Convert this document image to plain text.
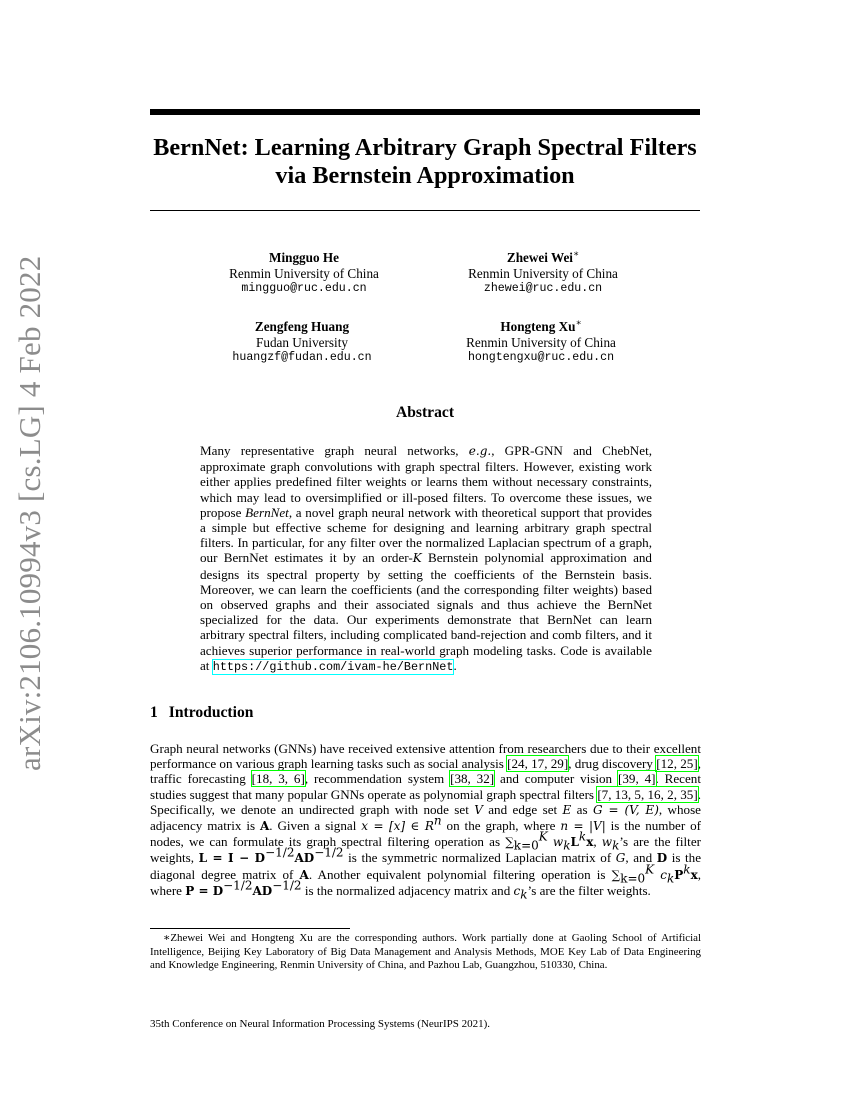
arXiv:2106.10994v3 [cs.LG] 4 Feb 2022
BernNet: Learning Arbitrary Graph Spectral Filters
via Bernstein Approximation
Mingguo He
Renmin University of China
mingguo@ruc.edu.cn
Zhewei Wei∗
Renmin University of China
zhewei@ruc.edu.cn
Zengfeng Huang
Fudan University
huangzf@fudan.edu.cn
Hongteng Xu∗
Renmin University of China
hongtengxu@ruc.edu.cn
Abstract

Many representative graph neural networks, e.g., GPR-GNN and ChebNet, approximate graph convolutions with graph spectral filters. However, existing work either applies predefined filter weights or learns them without necessary constraints, which may lead to oversimplified or ill-posed filters. To overcome these issues, we propose BernNet, a novel graph neural network with theoretical support that provides a simple but effective scheme for designing and learning arbitrary graph spectral filters. In particular, for any filter over the normalized Laplacian spectrum of a graph, our BernNet estimates it by an order-K Bernstein polynomial approximation and designs its spectral property by setting the coefficients of the Bernstein basis. Moreover, we can learn the coefficients (and the corresponding filter weights) based on observed graphs and their associated signals and thus achieve the BernNet specialized for the data. Our experiments demonstrate that BernNet can learn arbitrary spectral filters, including complicated band-rejection and comb filters, and it achieves superior performance in real-world graph modeling tasks. Code is available at https://github.com/ivam-he/BernNet.

1 Introduction

Graph neural networks (GNNs) have received extensive attention from researchers due to their excellent performance on various graph learning tasks such as social analysis [24, 17, 29], drug discovery [12, 25], traffic forecasting [18, 3, 6], recommendation system [38, 32] and computer vision [39, 4]. Recent studies suggest that many popular GNNs operate as polynomial graph spectral filters [7, 13, 5, 16, 2, 35]. Specifically, we denote an undirected graph with node set V and edge set E as G = (V, E), whose adjacency matrix is A. Given a signal x = [x] ∈ $R^n$ on the graph, where n = |V| is the number of nodes, we can formulate its graph spectral filtering operation as $\sum_{k=0}^K$ $w_kL^kx$, $w_k’s$ are the filter weights, $L = I - D^{-1/2}AD^{-1/2}$ is the symmetric normalized Laplacian matrix of G, and D is the diagonal degree matrix of A. Another equivalent polynomial filtering operation is $\sum_{k=0}^K$ $c_kP^kx$, where $P = D^{-1/2}AD^{-1/2}$ is the normalized adjacency matrix and $c_k’s$ are the filter weights.

∗Zhewei Wei and Hongteng Xu are the corresponding authors. Work partially done at Gaoling School of Artificial Intelligence, Beijing Key Laboratory of Big Data Management and Analysis Methods, MOE Key Lab of Data Engineering and Knowledge Engineering, Renmin University of China, and Pazhou Lab, Guangzhou, 510330, China.

35th Conference on Neural Information Processing Systems (NeurIPS 2021).
